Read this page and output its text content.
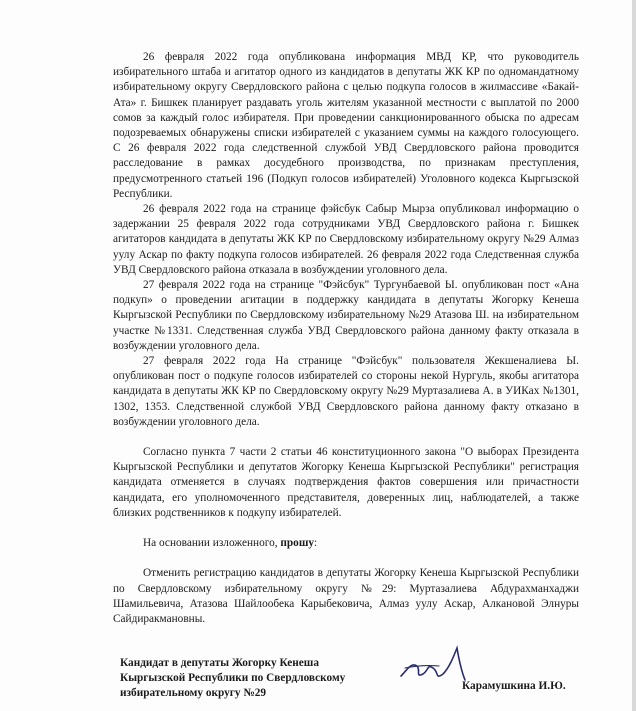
26 февраля 2022 года опубликована информация МВД КР, что руководитель избирательного штаба и агитатор одного из кандидатов в депутаты ЖК КР по одномандатному избирательному округу Свердловского района с целью подкупа голосов в жилмассиве «Бакай-Ата» г. Бишкек планирует раздавать уголь жителям указанной местности с выплатой по 2000 сомов за каждый голос избирателя. При проведении санкционированного обыска по адресам подозреваемых обнаружены списки избирателей с указанием суммы на каждого голосующего. С 26 февраля 2022 года следственной службой УВД Свердловского района проводится расследование в рамках досудебного производства, по признакам преступления, предусмотренного статьей 196 (Подкуп голосов избирателей) Уголовного кодекса Кыргызской Республики.

26 февраля 2022 года на странице фэйсбук Сабыр Мырза опубликовал информацию о задержании 25 февраля 2022 года сотрудниками УВД Свердловского района г. Бишкек агитаторов кандидата в депутаты ЖК КР по Свердловскому избирательному округу №29 Алмаз уулу Аскар по факту подкупа голосов избирателей. 26 февраля 2022 года Следственная служба УВД Свердловского района отказала в возбуждении уголовного дела.

27 февраля 2022 года на странице "Фэйсбук" Тургунбаевой Ы. опубликован пост «Ана подкуп» о проведении агитации в поддержку кандидата в депутаты Жогорку Кенеша Кыргызской Республики по Свердловскому избирательному №29 Атазова Ш. на избирательном участке №1331. Следственная служба УВД Свердловского района данному факту отказала в возбуждении уголовного дела.

27 февраля 2022 года На странице "Фэйсбук" пользователя Жекшеналиева Ы. опубликован пост о подкупе голосов избирателей со стороны некой Нургуль, якобы агитатора кандидата в депутаты ЖК КР по Свердловскому округу №29 Муртазалиева А. в УИКах №1301, 1302, 1353. Следственной службой УВД Свердловского района данному факту отказано в возбуждении уголовного дела.

Согласно пункта 7 части 2 статьи 46 конституционного закона "О выборах Президента Кыргызской Республики и депутатов Жогорку Кенеша Кыргызской Республики" регистрация кандидата отменяется в случаях подтверждения фактов совершения или причастности кандидата, его уполномоченного представителя, доверенных лиц, наблюдателей, а также близких родственников к подкупу избирателей.

На основании изложенного, прошу:

Отменить регистрацию кандидатов в депутаты Жогорку Кенеша Кыргызской Республики по Свердловскому избирательному округу №29: Муртазалиева Абдурахманхаджи Шамильевича, Атазова Шайлообека Карыбековича, Алмаз уулу Аскар, Алкановой Элнуры Сайдиракмановны.

Кандидат в депутаты Жогорку Кенеша
Кыргызской Республики по Свердловскому
избирательному округу №29
Карамушкина И.Ю.
